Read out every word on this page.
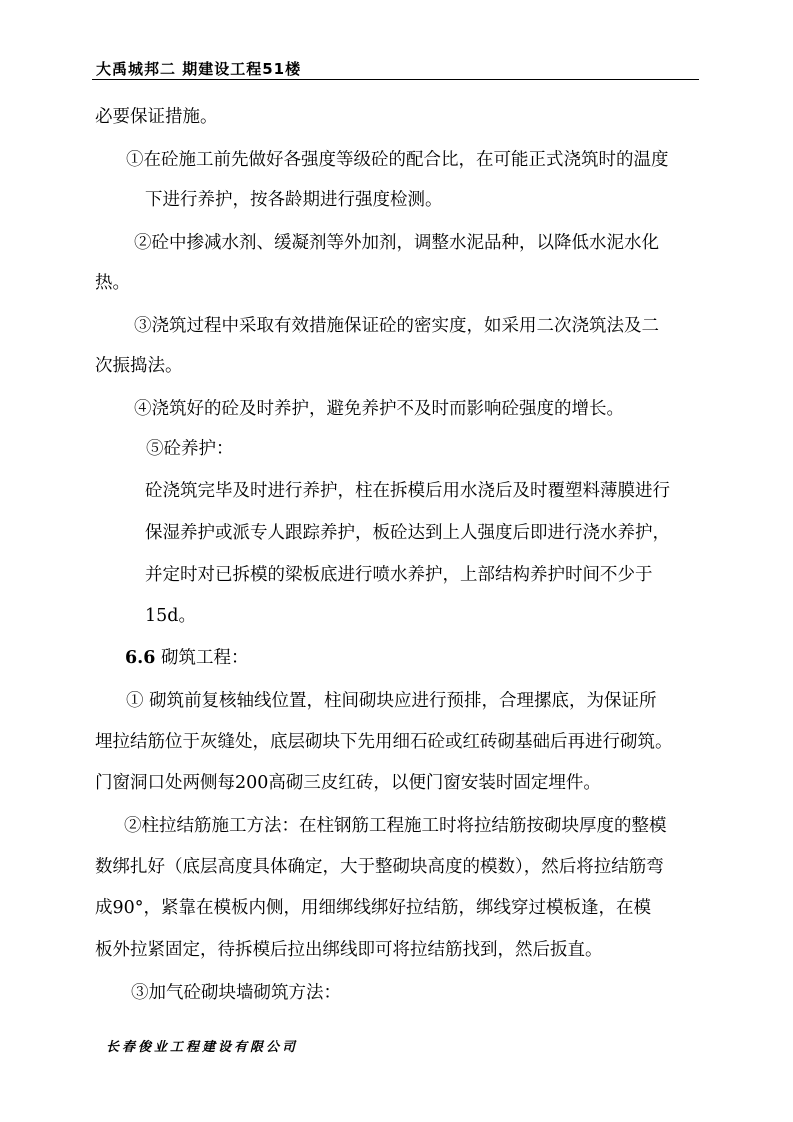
大禹城邦二 期建设工程51楼
必要保证措施。
①在砼施工前先做好各强度等级砼的配合比，在可能正式浇筑时的温度
下进行养护，按各龄期进行强度检测。
②砼中掺减水剂、缓凝剂等外加剂，调整水泥品种，以降低水泥水化
热。
③浇筑过程中采取有效措施保证砼的密实度，如采用二次浇筑法及二
次振捣法。
④浇筑好的砼及时养护，避免养护不及时而影响砼强度的增长。
⑤砼养护：
砼浇筑完毕及时进行养护，柱在拆模后用水浇后及时覆塑料薄膜进行
保湿养护或派专人跟踪养护，板砼达到上人强度后即进行浇水养护，
并定时对已拆模的梁板底进行喷水养护，上部结构养护时间不少于
15d。
6.6 砌筑工程：
① 砌筑前复核轴线位置，柱间砌块应进行预排，合理摞底，为保证所
埋拉结筋位于灰缝处，底层砌块下先用细石砼或红砖砌基础后再进行砌筑。
门窗洞口处两侧每200高砌三皮红砖，以便门窗安装时固定埋件。
②柱拉结筋施工方法：在柱钢筋工程施工时将拉结筋按砌块厚度的整模
数绑扎好（底层高度具体确定，大于整砌块高度的模数），然后将拉结筋弯
成90°，紧靠在模板内侧，用细绑线绑好拉结筋，绑线穿过模板逢，在模
板外拉紧固定，待拆模后拉出绑线即可将拉结筋找到，然后扳直。
③加气砼砌块墙砌筑方法：
长春俊业工程建设有限公司
